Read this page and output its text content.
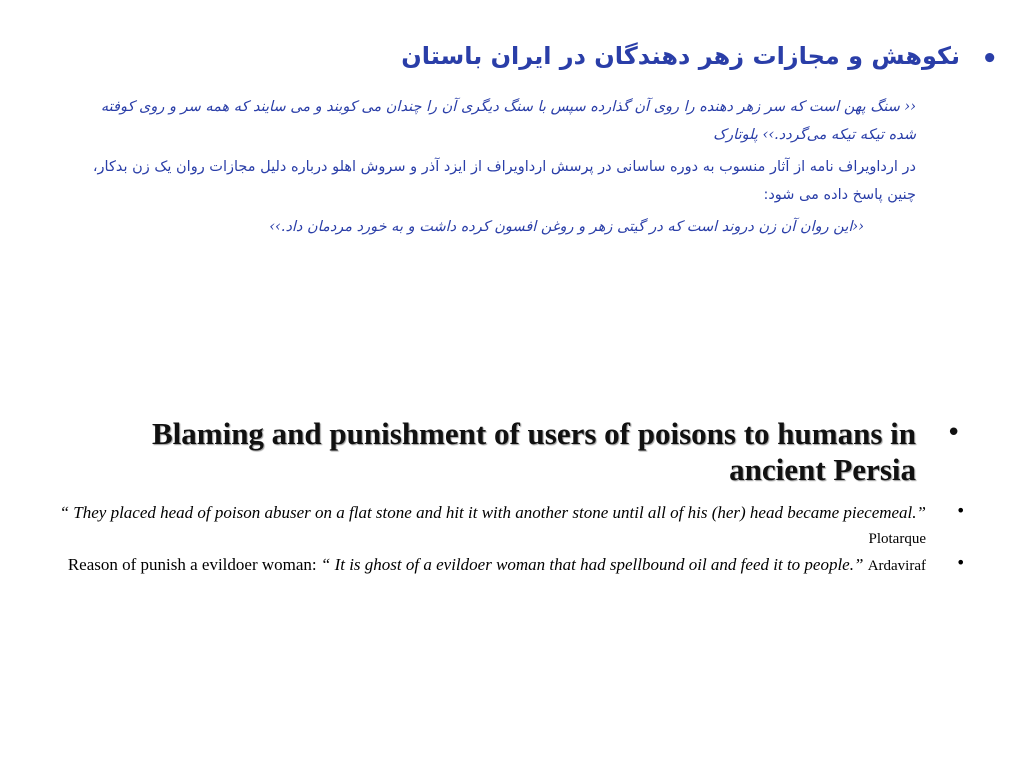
•
نکوهش و مجازات زهر دهندگان در ایران باستان
‹‹ سنگ پهن است که سر زهر دهنده را روی آن گذارده سپس با سنگ دیگری آن را چندان می کوبند و می سایند که همه سر و روی کوفته شده تیکه تیکه می‌گردد.›› پلوتارک
در ارداویراف نامه از آثار منسوب به دوره ساسانی در پرسش ارداویراف از ایزد آذر و سروش اهلو درباره دلیل مجازات روان یک زن بدکار، چنین پاسخ داده می شود:
‹‹این روان آن زن دروند است که در گیتی زهر و روغن افسون کرده داشت و به خورد مردمان داد.››
•
Blaming and punishment of users of poisons to humans in ancient Persia
•
“ They placed head of poison abuser on a flat stone and hit it with another stone until all of his (her) head became piecemeal.” Plotarque
•
Reason of punish a evildoer woman: “ It is ghost of a evildoer woman that had spellbound oil and feed it to people.” Ardaviraf
